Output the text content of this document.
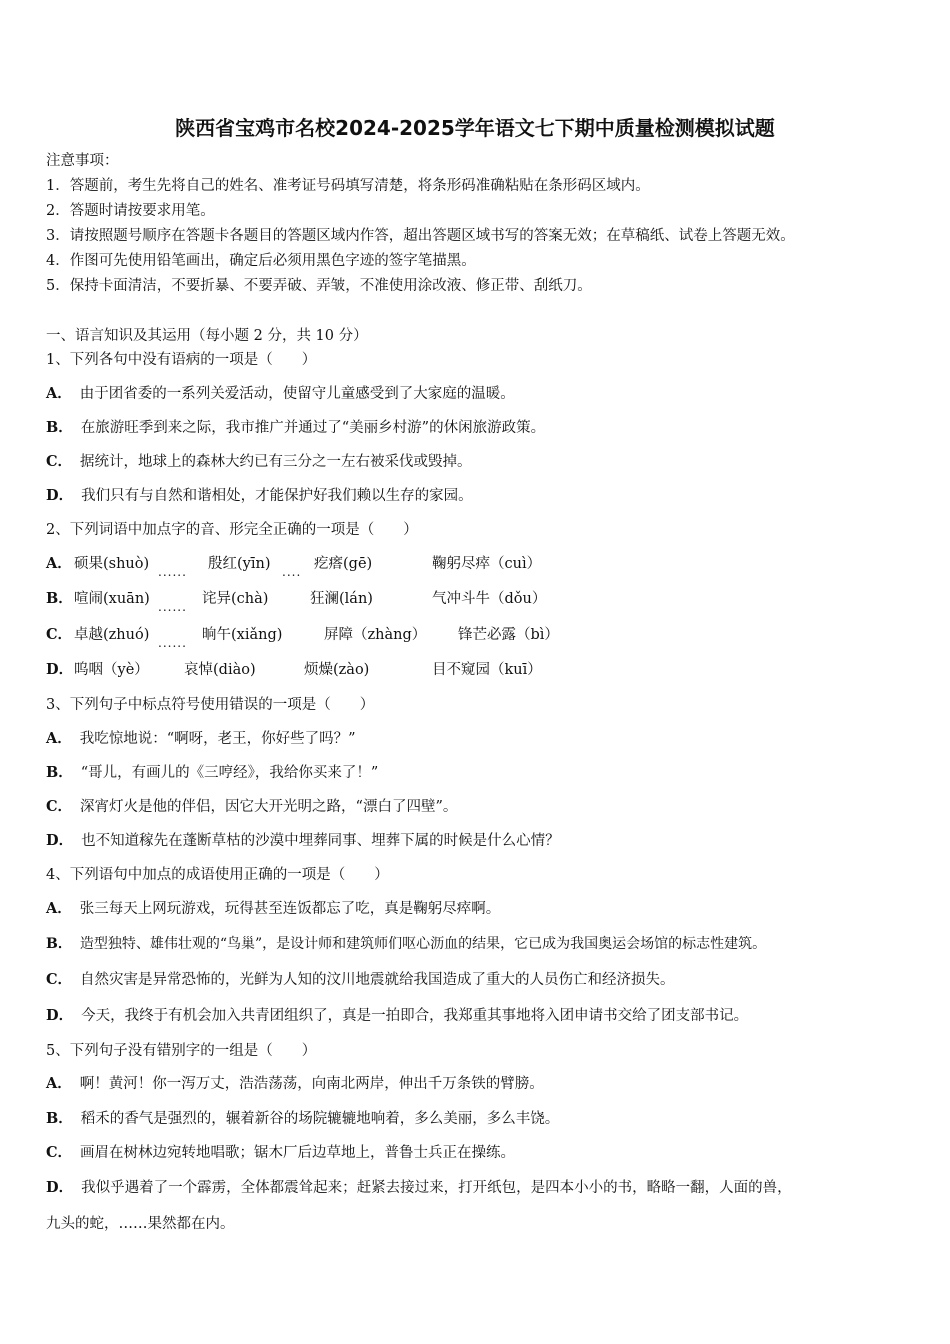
陕西省宝鸡市名校2024-2025学年语文七下期中质量检测模拟试题
注意事项：
1．答题前，考生先将自己的姓名、准考证号码填写清楚，将条形码准确粘贴在条形码区域内。
2．答题时请按要求用笔。
3．请按照题号顺序在答题卡各题目的答题区域内作答，超出答题区域书写的答案无效；在草稿纸、试卷上答题无效。
4．作图可先使用铅笔画出，确定后必须用黑色字迹的签字笔描黑。
5．保持卡面清洁，不要折暴、不要弄破、弄皱，不准使用涂改液、修正带、刮纸刀。
一、语言知识及其运用（每小题 2 分，共 10 分）
1、下列各句中没有语病的一项是（　　）
A． 由于团省委的一系列关爱活动，使留守儿童感受到了大家庭的温暖。
B． 在旅游旺季到来之际，我市推广并通过了“美丽乡村游”的休闲旅游政策。
C． 据统计，地球上的森林大约已有三分之一左右被采伐或毁掉。
D． 我们只有与自然和谐相处，才能保护好我们赖以生存的家园。
2、下列词语中加点字的音、形完全正确的一项是（　　）
A． 硕果(shuò) ...... 殷红(yīn) .... 疙瘩(gē)	鞠躬尽瘁（cuì）
B． 喧闹(xuān) ...... 诧异(chà)	狂澜(lán)	气冲斗牛（dǒu）
C． 卓越(zhuó) ...... 晌午(xiǎng)	屏障（zhàng） 锋芒必露（bì）
D． 呜咽（yè） 哀悼(diào)	烦燥(zào)	目不窥园（kuī）
3、下列句子中标点符号使用错误的一项是（　　）
A． 我吃惊地说：“啊呀，老王，你好些了吗？”
B． “哥儿，有画儿的《三哼经》，我给你买来了！”
C． 深宵灯火是他的伴侣，因它大开光明之路，“漂白了四壁”。
D． 也不知道稼先在蓬断草枯的沙漠中埋葬同事、埋葬下属的时候是什么心情？
4、下列语句中加点的成语使用正确的一项是（　　）
A． 张三每天上网玩游戏，玩得甚至连饭都忘了吃，真是鞠躬尽瘁啊。
B． 造型独特、雄伟壮观的“鸟巢”，是设计师和建筑师们呕心沥血的结果，它已成为我国奥运会场馆的标志性建筑。
C． 自然灾害是异常恐怖的，光鲜为人知的汶川地震就给我国造成了重大的人员伤亡和经济损失。
D． 今天，我终于有机会加入共青团组织了，真是一拍即合，我郑重其事地将入团申请书交给了团支部书记。
5、下列句子没有错别字的一组是（　　）
A． 啊！黄河！你一泻万丈，浩浩荡荡，向南北两岸，伸出千万条铁的臂膀。
B． 稻禾的香气是强烈的，辗着新谷的场院辘辘地响着，多么美丽，多么丰饶。
C． 画眉在树林边宛转地唱歌；锯木厂后边草地上，普鲁士兵正在操练。
D． 我似乎遇着了一个霹雳，全体都震耸起来；赶紧去接过来，打开纸包，是四本小小的书，略略一翻，人面的兽，
九头的蛇，……果然都在内。
